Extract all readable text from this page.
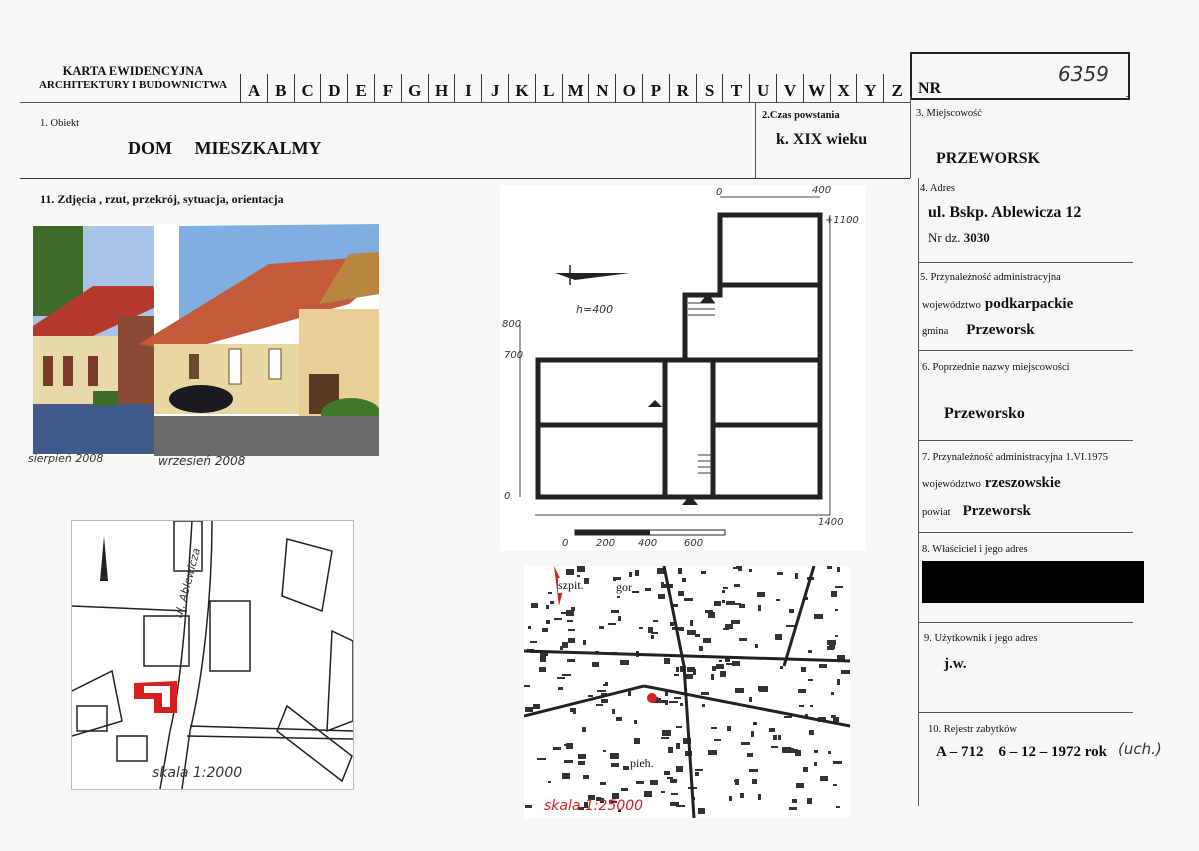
KARTA EWIDENCYJNA
ARCHITEKTURY I BUDOWNICTWA	A B C D E F G H I	J K L M N O P R S T U V W X Y Z NR
6359
1. Obiekt
DOM     MIESZKALMY
2.Czas powstania
k. XIX wieku
3. Miejscowość
PRZEWORSK
4. Adres
ul. Bskp. Ablewicza 12
Nr dz. 3030
5. Przynależność administracyjna
województwo podkarpackie
gmina Przeworsk
6. Poprzednie nazwy miejscowości
Przeworsko
7. Przynależność administracyjna 1.VI.1975
województwo rzeszowskie
powiat Przeworsk
8. Właściciel i jego adres
9. Użytkownik i jego adres
j.w.
10. Rejestr zabytków
A – 712    6 – 12 – 1972 rok (uch.)
11. Zdjęcia , rzut, przekrój, sytuacja, orientacja
sierpień 2008	wrzesień 2008
0	400
+1100
800
700
0
1400
h=400
0	200 400	600
ul. Ablewicza
skala 1:2000
szpit.	gor
pieh.
skala 1:25000
